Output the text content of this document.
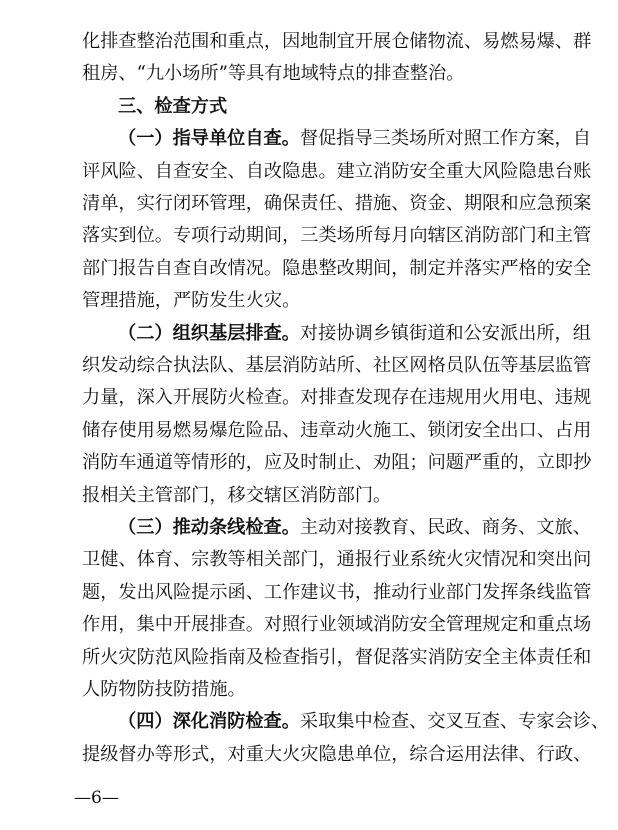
化排查整治范围和重点，因地制宜开展仓储物流、易燃易爆、群
租房、“九小场所”等具有地域特点的排查整治。
三、检查方式
（一）指导单位自查。督促指导三类场所对照工作方案，自
评风险、自查安全、自改隐患。建立消防安全重大风险隐患台账
清单，实行闭环管理，确保责任、措施、资金、期限和应急预案
落实到位。专项行动期间，三类场所每月向辖区消防部门和主管
部门报告自查自改情况。隐患整改期间，制定并落实严格的安全
管理措施，严防发生火灾。
（二）组织基层排查。对接协调乡镇街道和公安派出所，组
织发动综合执法队、基层消防站所、社区网格员队伍等基层监管
力量，深入开展防火检查。对排查发现存在违规用火用电、违规
储存使用易燃易爆危险品、违章动火施工、锁闭安全出口、占用
消防车通道等情形的，应及时制止、劝阻；问题严重的，立即抄
报相关主管部门，移交辖区消防部门。
（三）推动条线检查。主动对接教育、民政、商务、文旅、
卫健、体育、宗教等相关部门，通报行业系统火灾情况和突出问
题，发出风险提示函、工作建议书，推动行业部门发挥条线监管
作用，集中开展排查。对照行业领域消防安全管理规定和重点场
所火灾防范风险指南及检查指引，督促落实消防安全主体责任和
人防物防技防措施。
（四）深化消防检查。采取集中检查、交叉互查、专家会诊、
提级督办等形式，对重大火灾隐患单位，综合运用法律、行政、
—6—
